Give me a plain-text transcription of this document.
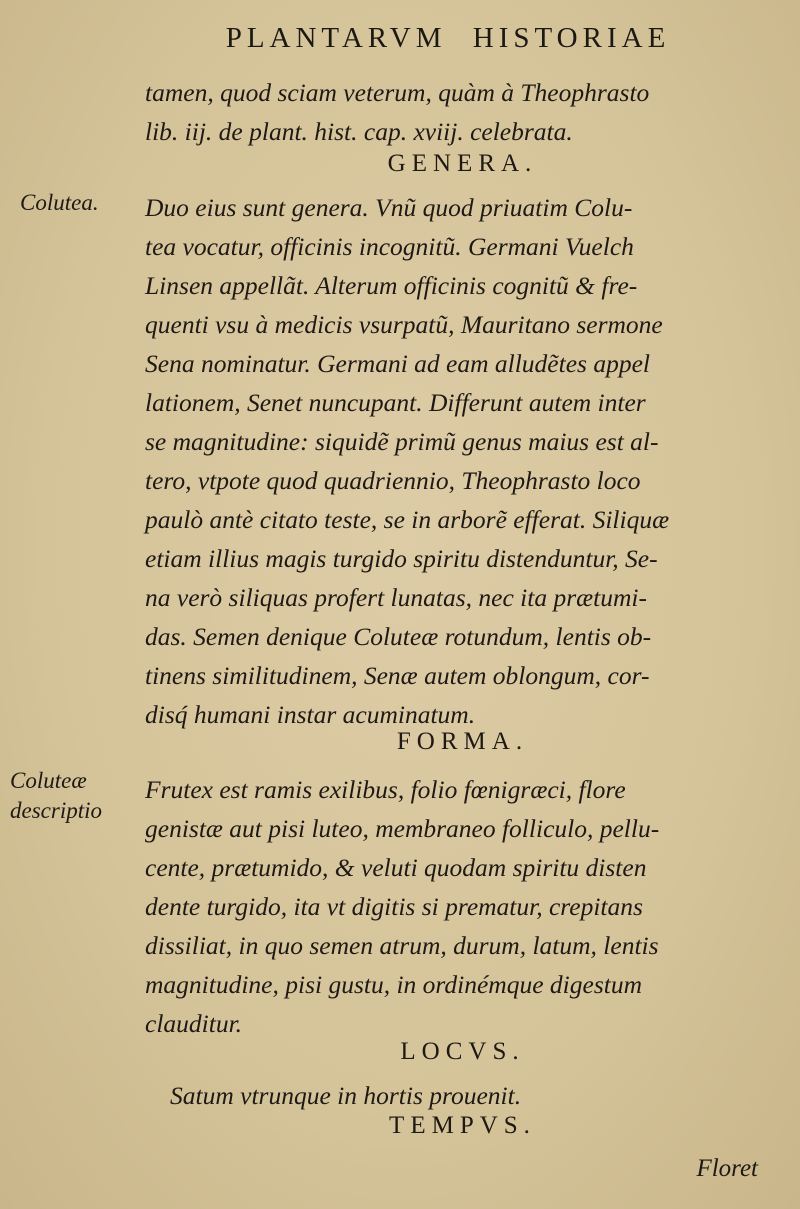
PLANTARVM HISTORIAE
tamen, quod sciam veterum, quàm à Theophrasto
lib. iij. de plant. hist. cap. xviij. celebrata.
GENERA.
Colutea. Duo eius sunt genera. Vnũ quod priuatim Colu-
tea vocatur, officinis incognitũ. Germani Vuelch
Linsen appellãt. Alterum officinis cognitũ & fre-
quenti vsu à medicis vsurpatũ, Mauritano sermone
Sena nominatur. Germani ad eam alludẽtes appel
lationem, Senet nuncupant. Differunt autem inter
se magnitudine: siquidẽ primũ genus maius est al-
tero, vtpote quod quadriennio, Theophrasto loco
paulò antè citato teste, se in arborẽ efferat. Siliquæ
etiam illius magis turgido spiritu distenduntur, Se-
na verò siliquas profert lunatas, nec ita prætumi-
das. Semen denique Coluteæ rotundum, lentis ob-
tinens similitudinem, Senæ autem oblongum, cor-
disq́ humani instar acuminatum.
FORMA.
Coluteæ
descriptio
Frutex est ramis exilibus, folio fœnigræci, flore
genistæ aut pisi luteo, membraneo folliculo, pellu-
cente, prætumido, & veluti quodam spiritu disten
dente turgido, ita vt digitis si prematur, crepitans
dissiliat, in quo semen atrum, durum, latum, lentis
magnitudine, pisi gustu, in ordinémque digestum
clauditur.
LOCVS.
Satum vtrunque in hortis prouenit.
TEMPVS.
Floret
